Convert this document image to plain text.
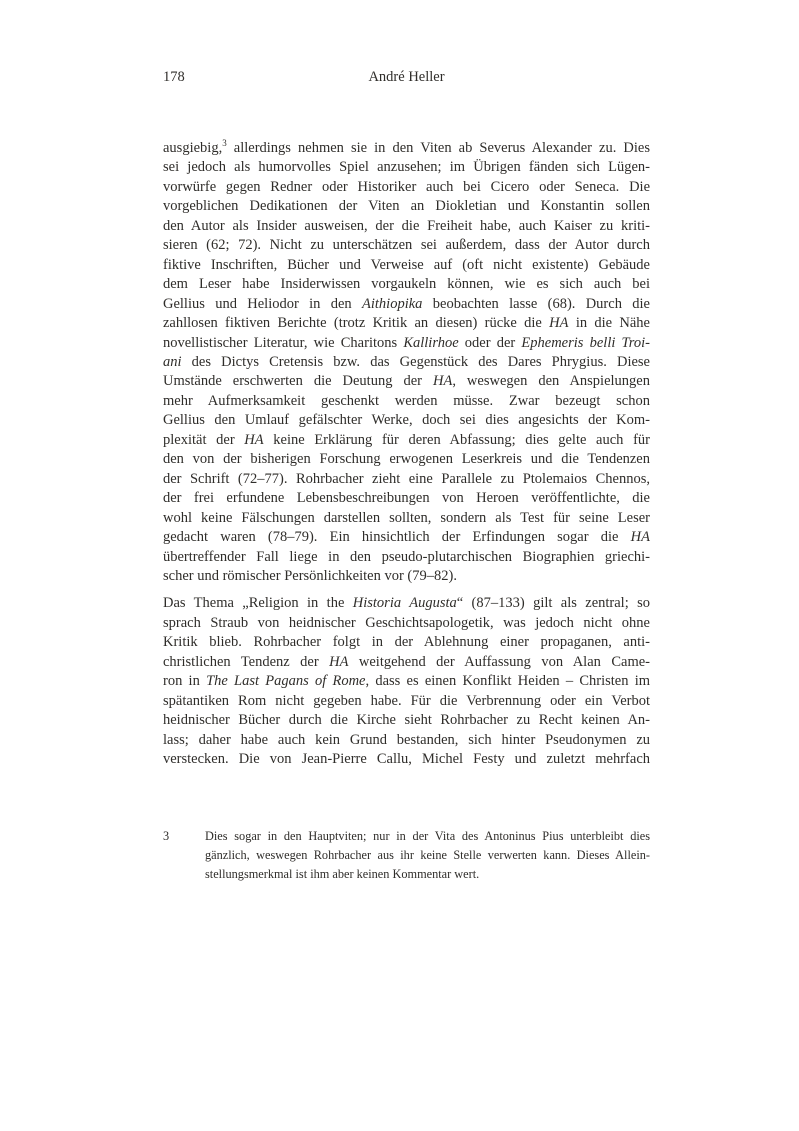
178	André Heller
ausgiebig,$^3$ allerdings nehmen sie in den Viten ab Severus Alexander zu. Dies
sei jedoch als humorvolles Spiel anzusehen; im Übrigen fänden sich Lügen-
vorwürfe gegen Redner oder Historiker auch bei Cicero oder Seneca. Die
vorgeblichen Dedikationen der Viten an Diokletian und Konstantin sollen
den Autor als Insider ausweisen, der die Freiheit habe, auch Kaiser zu kriti-
sieren (62; 72). Nicht zu unterschätzen sei außerdem, dass der Autor durch
fiktive Inschriften, Bücher und Verweise auf (oft nicht existente) Gebäude
dem Leser habe Insiderwissen vorgaukeln können, wie es sich auch bei
Gellius und Heliodor in den Aithiopika beobachten lasse (68). Durch die
zahllosen fiktiven Berichte (trotz Kritik an diesen) rücke die HA in die Nähe
novellistischer Literatur, wie Charitons Kallirhoe oder der Ephemeris belli Troi-
ani des Dictys Cretensis bzw. das Gegenstück des Dares Phrygius. Diese
Umstände erschwerten die Deutung der HA, weswegen den Anspielungen
mehr Aufmerksamkeit geschenkt werden müsse. Zwar bezeugt schon
Gellius den Umlauf gefälschter Werke, doch sei dies angesichts der Kom-
plexität der HA keine Erklärung für deren Abfassung; dies gelte auch für
den von der bisherigen Forschung erwogenen Leserkreis und die Tendenzen
der Schrift (72–77). Rohrbacher zieht eine Parallele zu Ptolemaios Chennos,
der frei erfundene Lebensbeschreibungen von Heroen veröffentlichte, die
wohl keine Fälschungen darstellen sollten, sondern als Test für seine Leser
gedacht waren (78–79). Ein hinsichtlich der Erfindungen sogar die HA
übertreffender Fall liege in den pseudo-plutarchischen Biographien griechi-
scher und römischer Persönlichkeiten vor (79–82).
Das Thema „Religion in the Historia Augusta“ (87–133) gilt als zentral; so
sprach Straub von heidnischer Geschichtsapologetik, was jedoch nicht ohne
Kritik blieb. Rohrbacher folgt in der Ablehnung einer propaganen, anti-
christlichen Tendenz der HA weitgehend der Auffassung von Alan Came-
ron in The Last Pagans of Rome, dass es einen Konflikt Heiden – Christen im
spätantiken Rom nicht gegeben habe. Für die Verbrennung oder ein Verbot
heidnischer Bücher durch die Kirche sieht Rohrbacher zu Recht keinen An-
lass; daher habe auch kein Grund bestanden, sich hinter Pseudonymen zu
verstecken. Die von Jean-Pierre Callu, Michel Festy und zuletzt mehrfach
3	Dies sogar in den Hauptviten; nur in der Vita des Antoninus Pius unterbleibt dies
gänzlich, weswegen Rohrbacher aus ihr keine Stelle verwerten kann. Dieses Allein-
stellungsmerkmal ist ihm aber keinen Kommentar wert.
